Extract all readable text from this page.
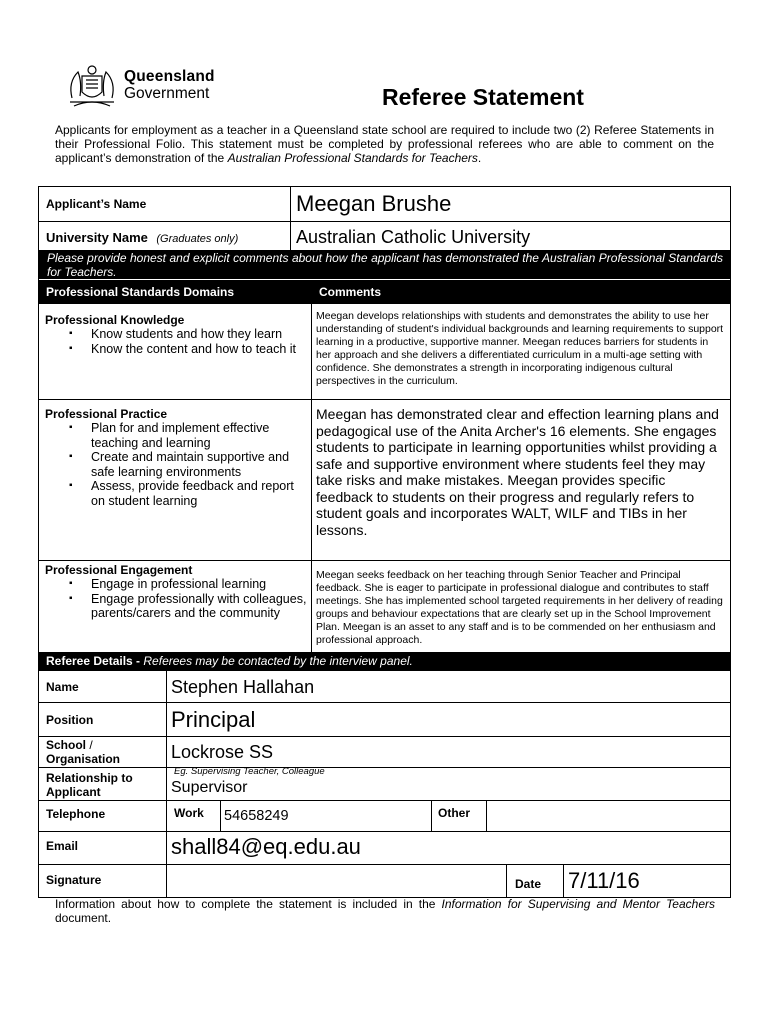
Queensland
Government	Referee Statement
Applicants for employment as a teacher in a Queensland state school are required to include two (2) Referee Statements in their Professional Folio. This statement must be completed by professional referees who are able to comment on the applicant’s demonstration of the Australian Professional Standards for Teachers.
Applicant’s Name	Meegan Brushe
University Name (Graduates only)	Australian Catholic University
Please provide honest and explicit comments about how the applicant has demonstrated the Australian Professional Standards for Teachers.
Professional Standards Domains	Comments
Professional Knowledge
▪ Know students and how they learn
▪ Know the content and how to teach it
Meegan develops relationships with students and demonstrates the ability to use her understanding of student's individual backgrounds and learning requirements to support learning in a productive, supportive manner. Meegan reduces barriers for students in her approach and she delivers a differentiated curriculum in a multi-age setting with confidence. She demonstrates a strength in incorporating indigenous cultural perspectives in the curriculum.
Professional Practice
▪ Plan for and implement effective teaching and learning
▪ Create and maintain supportive and safe learning environments
▪ Assess, provide feedback and report on student learning
Meegan has demonstrated clear and effection learning plans and pedagogical use of the Anita Archer's 16 elements. She engages students to participate in learning opportunities whilst providing a safe and supportive environment where students feel they may take risks and make mistakes. Meegan provides specific feedback to students on their progress and regularly refers to student goals and incorporates WALT, WILF and TIBs in her lessons.
Professional Engagement
▪ Engage in professional learning
▪ Engage professionally with colleagues, parents/carers and the community
Meegan seeks feedback on her teaching through Senior Teacher and Principal feedback. She is eager to participate in professional dialogue and contributes to staff meetings. She has implemented school targeted requirements in her delivery of reading groups and behaviour expectations that are clearly set up in the School Improvement Plan. Meegan is an asset to any staff and is to be commended on her enthusiasm and professional approach.
Referee Details - Referees may be contacted by the interview panel.
Name	Stephen Hallahan
Position	Principal
School /
Organisation	Lockrose SS
Relationship to
Applicant
Eg. Supervising Teacher, Colleague
Supervisor
Telephone	Work 54658249	Other
Email	shall84@eq.edu.au
Signature	Date 7/11/16
Information about how to complete the statement is included in the Information for Supervising and Mentor Teachers document.
